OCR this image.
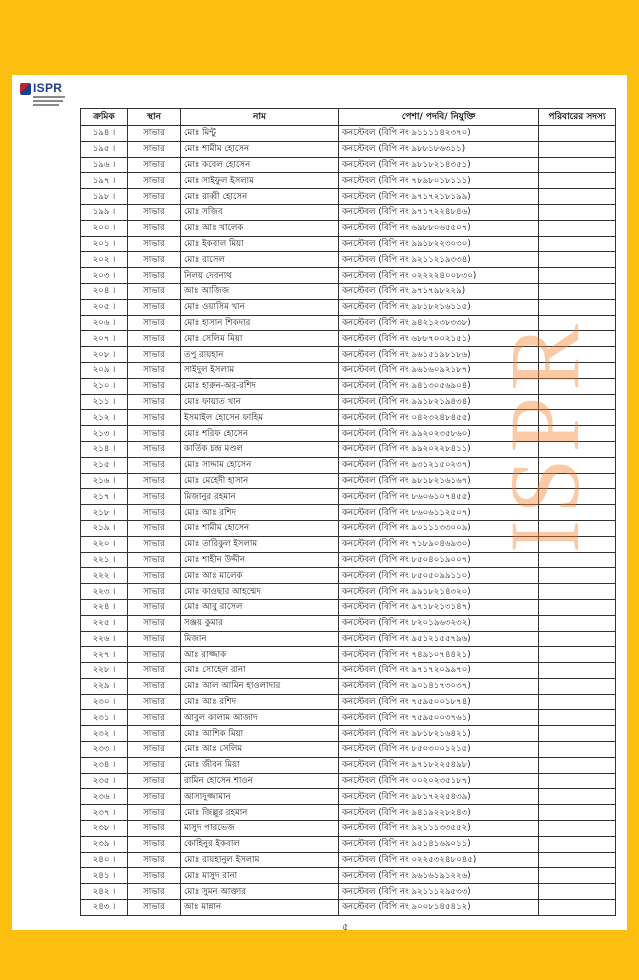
ISPR
ক্রমিক	স্থান	নাম	পেশা/ পদবি/ নিযুক্তি	পরিবারের সদস্য
১৯৪ ।	সাভার	মোঃ মিন্টু	কনস্টেবল (বিপি নং ৯১১১১৪২৩৭০)	
১৯৫ ।	সাভার	মোঃ শামীম হোসেন	কনস্টেবল (বিপি নং ৯৮৮১৮৬৩১১)	
১৯৬ ।	সাভার	মোঃ কবেল হোসেন	কনস্টেবল (বিপি নং ৯৮১৮২১৪৩৫১)	
১৯৭ ।	সাভার	মোঃ সাইফুল ইসলাম	কনস্টেবল (বিপি নং ৭৮৯৮০১৮১১১)	
১৯৮ ।	সাভার	মোঃ রাব্বী হোসেন	কনস্টেবল (বিপি নং ৯৭১৭২১৮১৯৯)	
১৯৯ ।	সাভার	মোঃ সজিব	কনস্টেবল (বিপি নং ৯৭১৭২২৪৮৪৬)	
২০০ ।	সাভার	মোঃ আঃ খালেক	কনস্টেবল (বিপি নং ৬৯৮৮০৬৫৫০৭)	
২০১ ।	সাভার	মোঃ ইকবাল মিয়া	কনস্টেবল (বিপি নং ৯৯১৮২২৩০৩০)	
২০২ ।	সাভার	মোঃ রাসেল	কনস্টেবল (বিপি নং ৯২১১২১৯৩৩৪)	
২০৩ ।	সাভার	নিলয় দেবনাথ	কনস্টেবল (বিপি নং ০২২২২৪০০৮৩০)	
২০৪ ।	সাভার	আঃ আজিজ	কনস্টেবল (বিপি নং ৯৭১৭৯৮২২৯)	
২০৫ ।	সাভার	মোঃ ওয়াসিম খান	কনস্টেবল (বিপি নং ৯৮১৮২১৬১১৫)	
২০৬ ।	সাভার	মোঃ হাসান শিকদার	কনস্টেবল (বিপি নং ৯৪২১২৩৮৩৩৮)	
২০৭ ।	সাভার	মোঃ সেলিম মিয়া	কনস্টেবল (বিপি নং ৬৮৮৭০০২১৫১)	
২০৮ ।	সাভার	তপু রায়হান	কনস্টেবল (বিপি নং ৯৬১৫১৯৮১৮৬)	
২০৯ ।	সাভার	সাইদুল ইসলাম	কনস্টেবল (বিপি নং ৯৬১৬০৯২১৮৭)	
২১০ ।	সাভার	মোঃ হারুন-অর-রশিদ	কনস্টেবল (বিপি নং ৯৪১৩০৫৬৯০৪)	
২১১ ।	সাভার	মোঃ ফায়াত খান	কনস্টেবল (বিপি নং ৯৯১৮২১৯৪৩৪)	
২১২ ।	সাভার	ইসমাইল হোসেন ফাহিম	কনস্টেবল (বিপি নং ০৪২৩২৪৮৪৫৫)	
২১৩ ।	সাভার	মোঃ শরিফ হোসেন	কনস্টেবল (বিপি নং ৯৯২০২৩৫৮৬০)	
২১৪ ।	সাভার	কার্তিক চন্দ্র মণ্ডল	কনস্টেবল (বিপি নং ৯৯২০২২৮৪১১)	
২১৫ ।	সাভার	মোঃ সাদ্দাম হোসেন	কনস্টেবল (বিপি নং ৯৩১২১৫০২৩৭)	
২১৬ ।	সাভার	মোঃ মেহেদী হাসান	কনস্টেবল (বিপি নং ৯৮১৮২১৬১৬৭)	
২১৭ ।	সাভার	মিজানুর রহমান	কনস্টেবল (বিপি নং ৮৬০৬১০৭৪৫৫)	
২১৮ ।	সাভার	মোঃ আঃ রশিদ	কনস্টেবল (বিপি নং ৮৬০৬১১২৫০৭)	
২১৯ ।	সাভার	মোঃ শামীম হোসেন	কনস্টেবল (বিপি নং ৯০১১১৩৩০০৯)	
২২০ ।	সাভার	মোঃ তারিকুল ইসলাম	কনস্টেবল (বিপি নং ৭১৮৯০৪৬৯৩০)	
২২১ ।	সাভার	মোঃ শাহীন উদ্দীন	কনস্টেবল (বিপি নং ৮৫০৪০১৯০০৭)	
২২২ ।	সাভার	মোঃ আঃ মালেক	কনস্টেবল (বিপি নং ৮৫০৫০৯৯১১০)	
২২৩ ।	সাভার	মোঃ কাওছার আহম্মেদ	কনস্টেবল (বিপি নং ৯৯১৮২১৪৩২০)	
২২৪ ।	সাভার	মোঃ আবু রাসেল	কনস্টেবল (বিপি নং ৯৭১৮২১৩১৪৭)	
২২৫ ।	সাভার	সঞ্জয় কুমার	কনস্টেবল (বিপি নং ৮২০১৯৬৩২৩২)	
২২৬ ।	সাভার	মিজান	কনস্টেবল (বিপি নং ৯৫১২১৫৫৭৯৬)	
২২৭ ।	সাভার	আঃ রাজ্জাক	কনস্টেবল (বিপি নং ৭৪৯১০৭৪৪২১)	
২২৮ ।	সাভার	মোঃ সোহেল রানা	কনস্টেবল (বিপি নং ৯৭১৭২০৯৯৭০)	
২২৯ ।	সাভার	মোঃ আল আমিন হাওলাদার	কনস্টেবল (বিপি নং ৯০১৪১৭৩০৩৭)	
২৩০ ।	সাভার	মোঃ আঃ রশিদ	কনস্টেবল (বিপি নং ৭৫৯৫০০১৮৭৪)	
২৩১ ।	সাভার	আবুল কালাম আজাদ	কনস্টেবল (বিপি নং ৭৫৯৫০০৩৭৬১)	
২৩২ ।	সাভার	মোঃ আশিক মিয়া	কনস্টেবল (বিপি নং ৯৮১৮২১৬৪২১)	
২৩৩ ।	সাভার	মোঃ আঃ সেলিম	কনস্টেবল (বিপি নং ৮৫০৩০০১২১৫)	
২৩৪ ।	সাভার	মোঃ জীবন মিয়া	কনস্টেবল (বিপি নং ৯৭১৮২২৫৪৯৮)	
২৩৫ ।	সাভার	রামিন হোসেন শাওন	কনস্টেবল (বিপি নং ০০২০২৩৫১৮৭)	
২৩৬ ।	সাভার	আসাদুজ্জামান	কনস্টেবল (বিপি নং ৯৮১৭২২৫৪৩৯)	
২৩৭ ।	সাভার	মোঃ জিল্লুর রহমান	কনস্টেবল (বিপি নং ৯৪১৯২২৮২৪৩)	
২৩৮ ।	সাভার	মাসুদ পারভেজ	কনস্টেবল (বিপি নং ৯২১১১৩৩৫৫২)	
২৩৯ ।	সাভার	কোহিনুর ইকবাল	কনস্টেবল (বিপি নং ৯৫১৪১৬৯০১১)	
২৪০ ।	সাভার	মোঃ রায়হানুল ইসলাম	কনস্টেবল (বিপি নং ০২২৫৩২৪৮০৪৫)	
২৪১ ।	সাভার	মোঃ মাসুদ রানা	কনস্টেবল (বিপি নং ৯৬১৬১৯১২২৬)	
২৪২ ।	সাভার	মোঃ সুমন আক্তার	কনস্টেবল (বিপি নং ৯২১১১২৯৫৩৩)	
২৪৩ ।	সাভার	আঃ মান্নান	কনস্টেবল (বিপি নং ৯০০৮১৪৫৪১২)	
৫
ISPR
